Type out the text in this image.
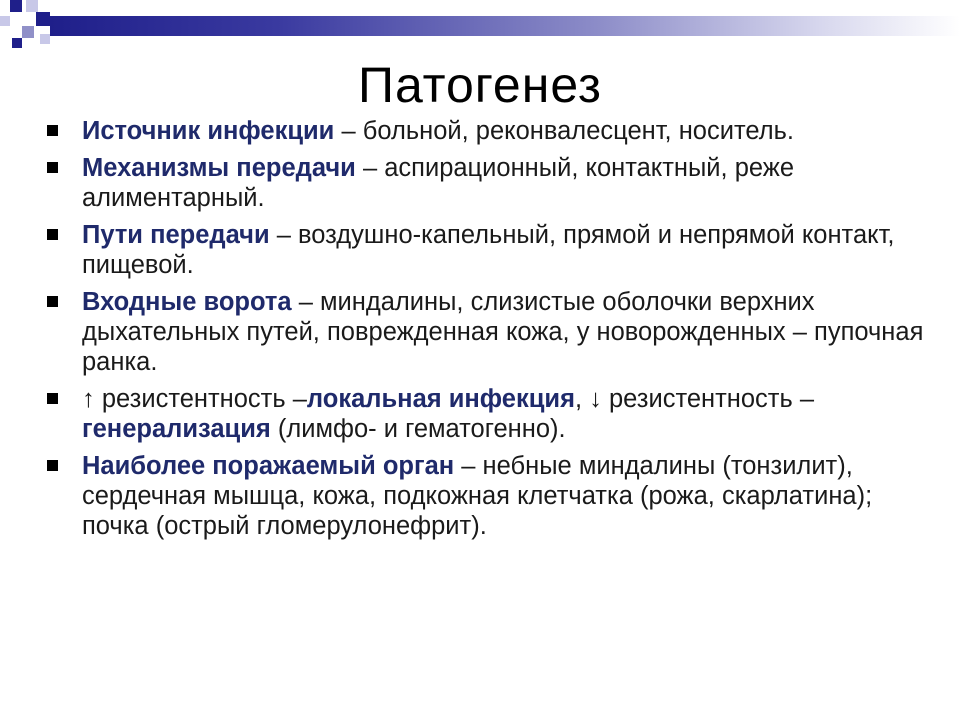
Патогенез
Источник инфекции – больной, реконвалесцент, носитель.
Механизмы передачи – аспирационный, контактный, реже алиментарный.
Пути передачи – воздушно-капельный, прямой и непрямой контакт, пищевой.
Входные ворота – миндалины, слизистые оболочки верхних дыхательных путей, поврежденная кожа, у новорожденных – пупочная ранка.
↑ резистентность –локальная инфекция, ↓ резистентность –генерализация (лимфо- и гематогенно).
Наиболее поражаемый орган – небные миндалины (тонзилит), сердечная мышца, кожа, подкожная клетчатка (рожа, скарлатина); почка (острый гломерулонефрит).
